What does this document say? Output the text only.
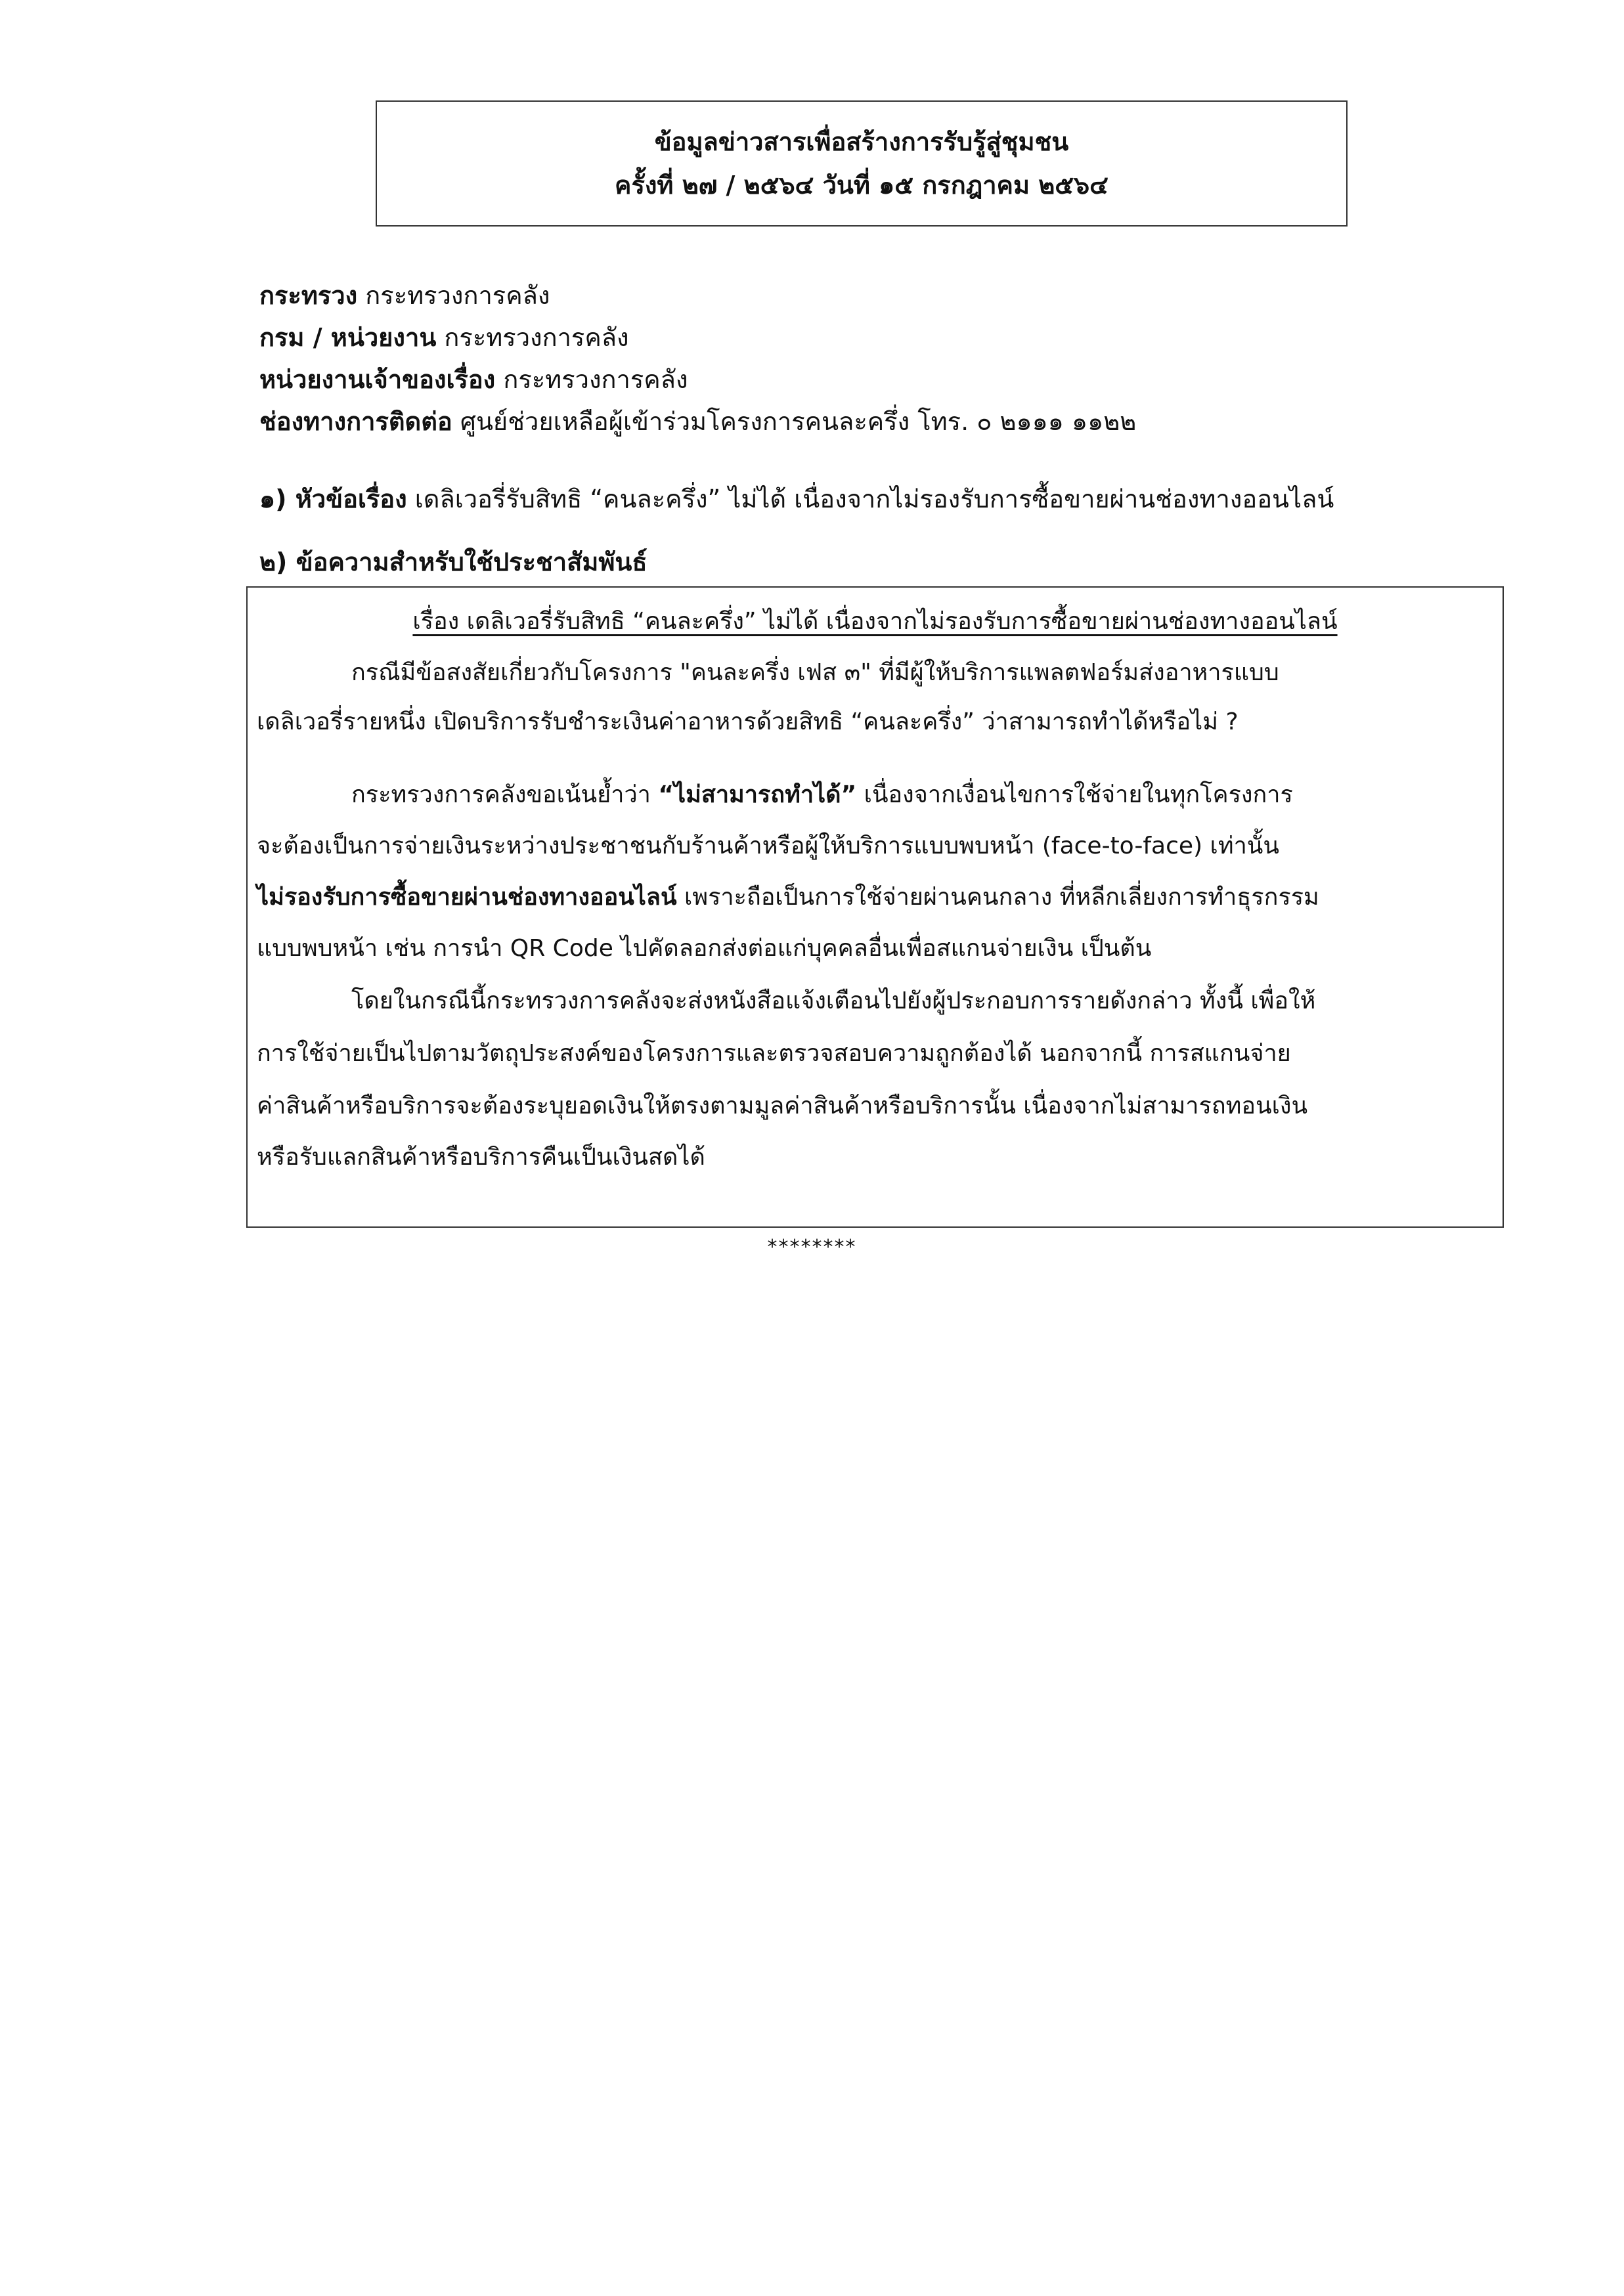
ข้อมูลข่าวสารเพื่อสร้างการรับรู้สู่ชุมชน
ครั้งที่ ๒๗ / ๒๕๖๔ วันที่ ๑๕ กรกฎาคม ๒๕๖๔
กระทรวง กระทรวงการคลัง
กรม / หน่วยงาน กระทรวงการคลัง
หน่วยงานเจ้าของเรื่อง กระทรวงการคลัง
ช่องทางการติดต่อ ศูนย์ช่วยเหลือผู้เข้าร่วมโครงการคนละครึ่ง โทร. ๐ ๒๑๑๑ ๑๑๒๒
๑) หัวข้อเรื่อง เดลิเวอรี่รับสิทธิ “คนละครึ่ง” ไม่ได้ เนื่องจากไม่รองรับการซื้อขายผ่านช่องทางออนไลน์
๒) ข้อความสำหรับใช้ประชาสัมพันธ์
เรื่อง เดลิเวอรี่รับสิทธิ “คนละครึ่ง” ไม่ได้ เนื่องจากไม่รองรับการซื้อขายผ่านช่องทางออนไลน์
กรณีมีข้อสงสัยเกี่ยวกับโครงการ "คนละครึ่ง เฟส ๓" ที่มีผู้ให้บริการแพลตฟอร์มส่งอาหารแบบ
เดลิเวอรี่รายหนึ่ง เปิดบริการรับชำระเงินค่าอาหารด้วยสิทธิ “คนละครึ่ง” ว่าสามารถทำได้หรือไม่ ?
กระทรวงการคลังขอเน้นย้ำว่า “ไม่สามารถทำได้” เนื่องจากเงื่อนไขการใช้จ่ายในทุกโครงการ
จะต้องเป็นการจ่ายเงินระหว่างประชาชนกับร้านค้าหรือผู้ให้บริการแบบพบหน้า (face-to-face) เท่านั้น
ไม่รองรับการซื้อขายผ่านช่องทางออนไลน์ เพราะถือเป็นการใช้จ่ายผ่านคนกลาง ที่หลีกเลี่ยงการทำธุรกรรม
แบบพบหน้า เช่น การนำ QR Code ไปคัดลอกส่งต่อแก่บุคคลอื่นเพื่อสแกนจ่ายเงิน เป็นต้น
โดยในกรณีนี้กระทรวงการคลังจะส่งหนังสือแจ้งเตือนไปยังผู้ประกอบการรายดังกล่าว ทั้งนี้ เพื่อให้
การใช้จ่ายเป็นไปตามวัตถุประสงค์ของโครงการและตรวจสอบความถูกต้องได้ นอกจากนี้ การสแกนจ่าย
ค่าสินค้าหรือบริการจะต้องระบุยอดเงินให้ตรงตามมูลค่าสินค้าหรือบริการนั้น เนื่องจากไม่สามารถทอนเงิน
หรือรับแลกสินค้าหรือบริการคืนเป็นเงินสดได้
********
